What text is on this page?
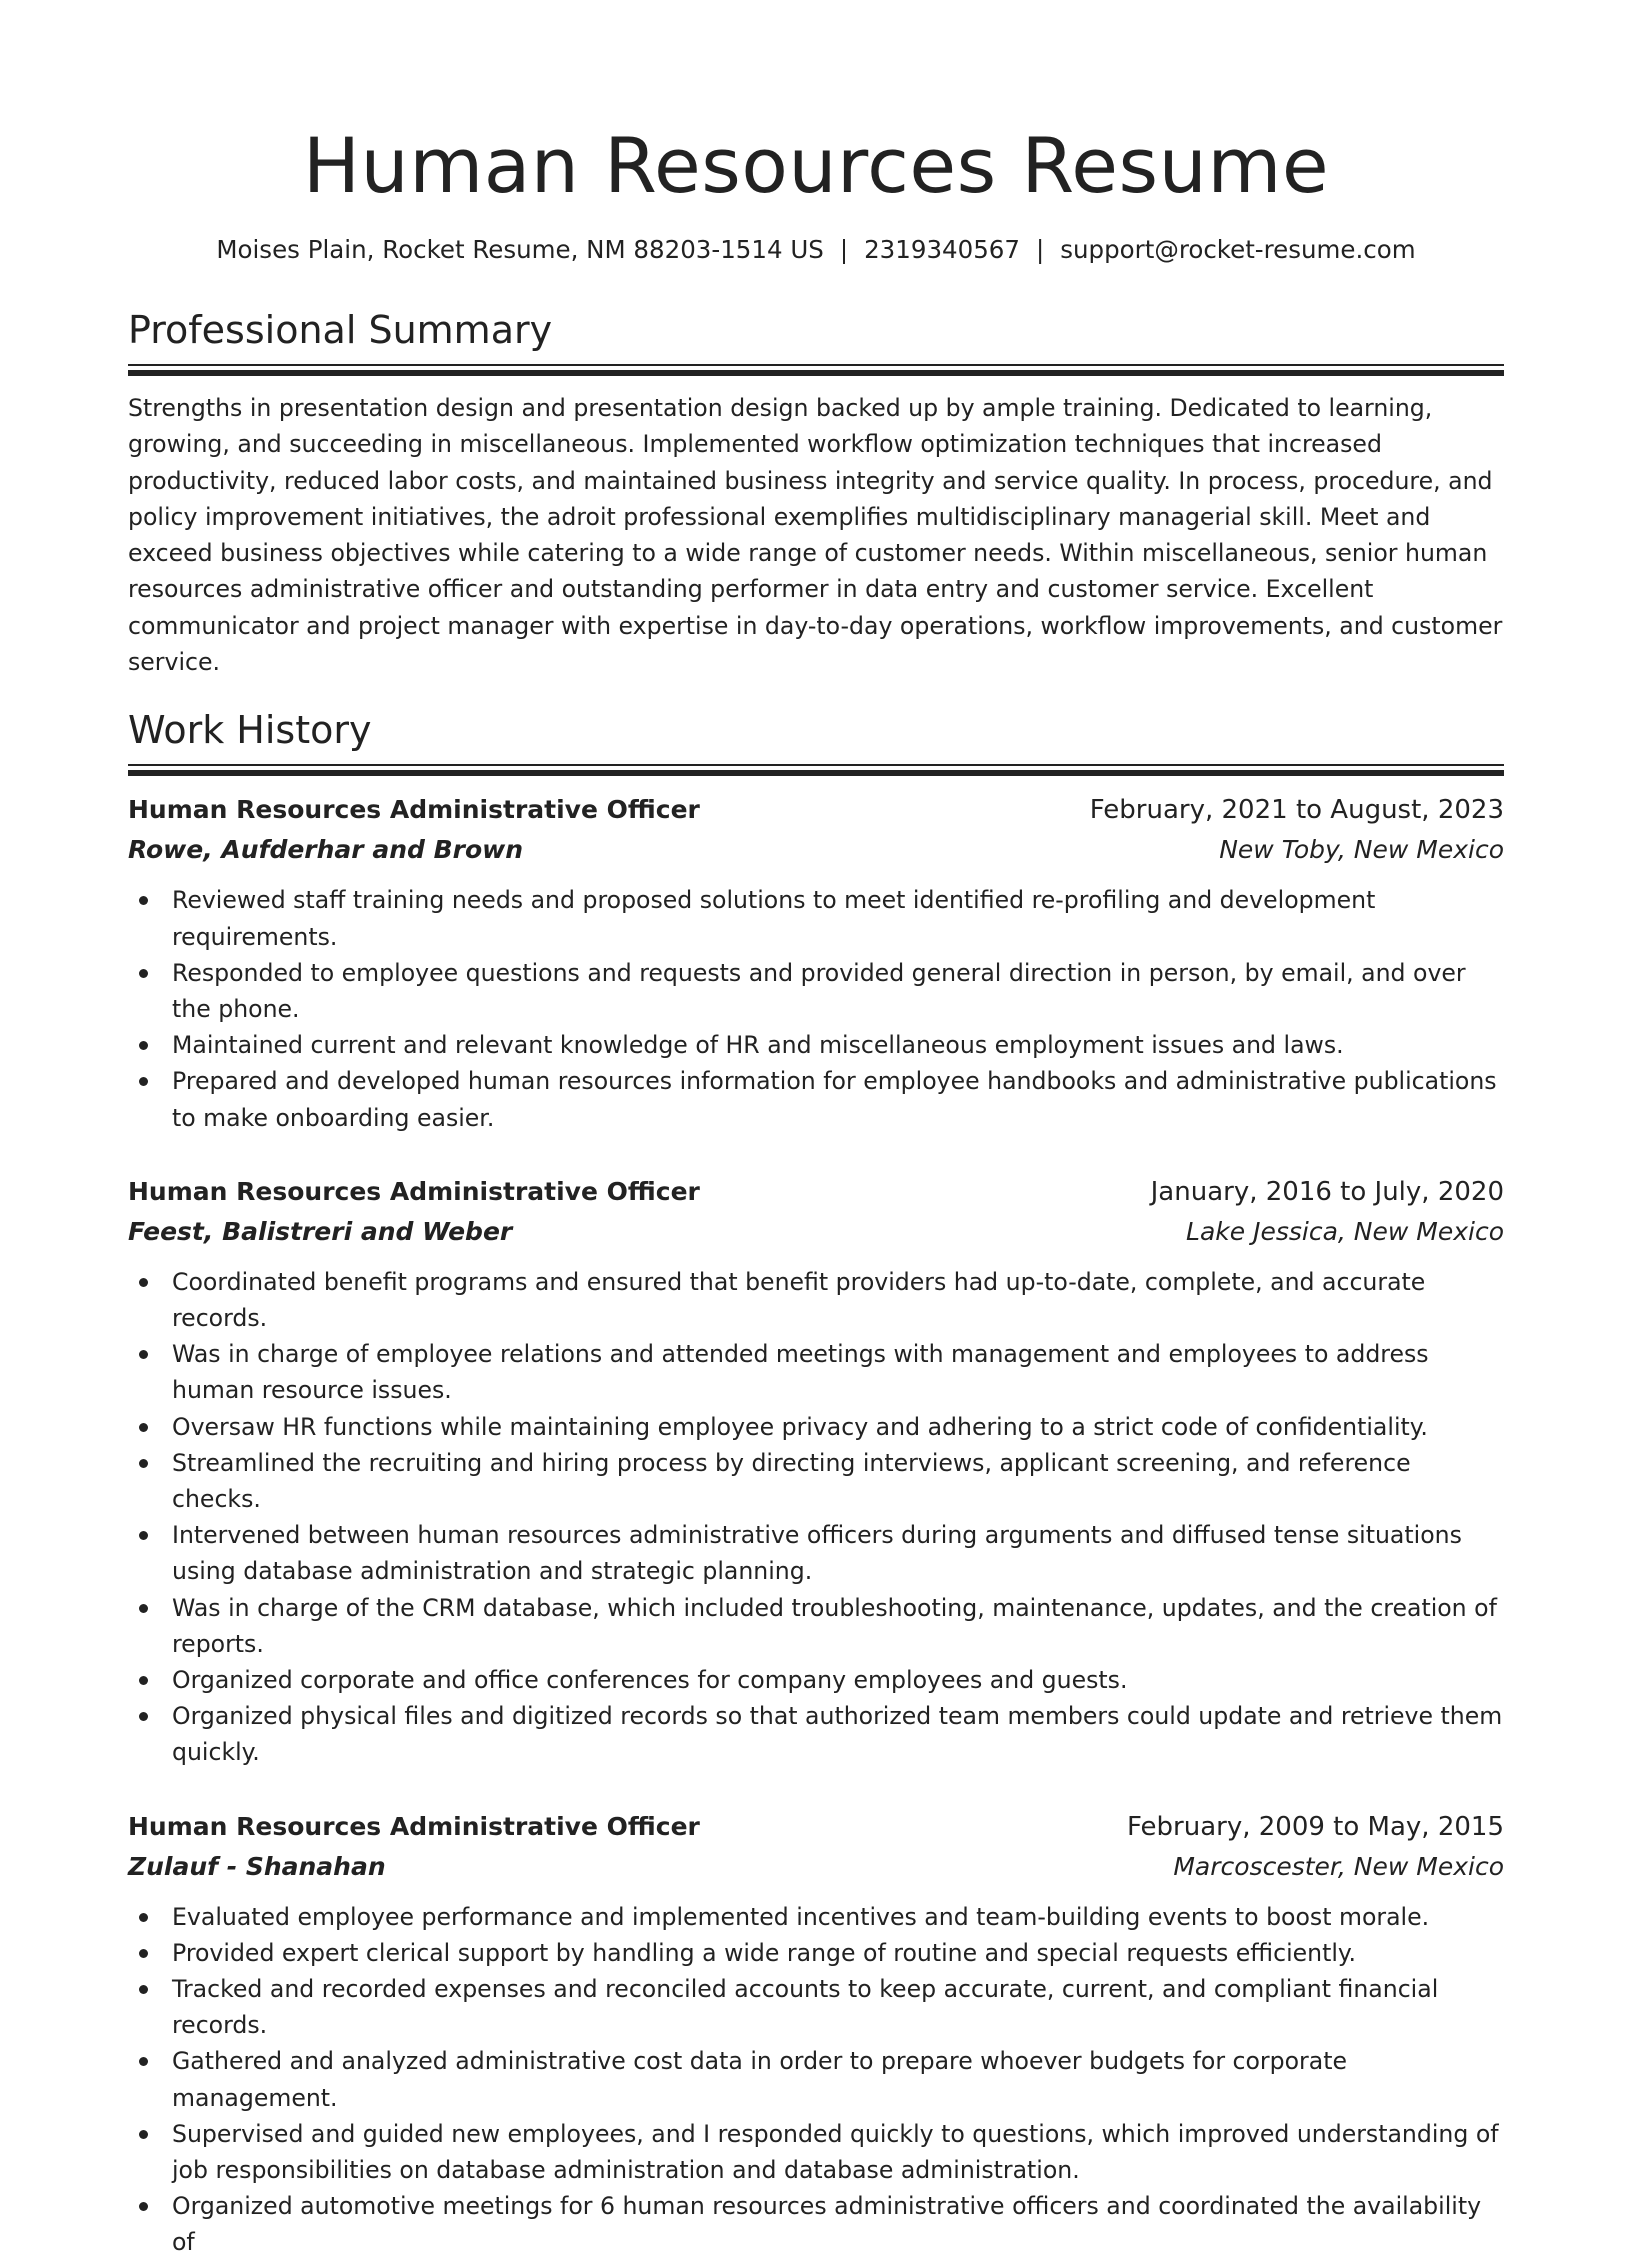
Human Resources Resume
Moises Plain, Rocket Resume, NM 88203-1514 US | 2319340567 | support@rocket-resume.com
Professional Summary

Strengths in presentation design and presentation design backed up by ample training. Dedicated to learning, growing, and succeeding in miscellaneous. Implemented workflow optimization techniques that increased productivity, reduced labor costs, and maintained business integrity and service quality. In process, procedure, and policy improvement initiatives, the adroit professional exemplifies multidisciplinary managerial skill. Meet and exceed business objectives while catering to a wide range of customer needs. Within miscellaneous, senior human resources administrative officer and outstanding performer in data entry and customer service. Excellent communicator and project manager with expertise in day-to-day operations, workflow improvements, and customer service.

Work History
Human Resources Administrative Officer	February, 2021 to August, 2023
Rowe, Aufderhar and Brown	New Toby, New Mexico
Reviewed staff training needs and proposed solutions to meet identified re-profiling and development requirements.
Responded to employee questions and requests and provided general direction in person, by email, and over the phone.
Maintained current and relevant knowledge of HR and miscellaneous employment issues and laws.
Prepared and developed human resources information for employee handbooks and administrative publications to make onboarding easier.
Human Resources Administrative Officer	January, 2016 to July, 2020
Feest, Balistreri and Weber	Lake Jessica, New Mexico
Coordinated benefit programs and ensured that benefit providers had up-to-date, complete, and accurate records.
Was in charge of employee relations and attended meetings with management and employees to address human resource issues.
Oversaw HR functions while maintaining employee privacy and adhering to a strict code of confidentiality.
Streamlined the recruiting and hiring process by directing interviews, applicant screening, and reference checks.
Intervened between human resources administrative officers during arguments and diffused tense situations using database administration and strategic planning.
Was in charge of the CRM database, which included troubleshooting, maintenance, updates, and the creation of reports.
Organized corporate and office conferences for company employees and guests.
Organized physical files and digitized records so that authorized team members could update and retrieve them quickly.
Human Resources Administrative Officer	February, 2009 to May, 2015
Zulauf - Shanahan	Marcoscester, New Mexico
Evaluated employee performance and implemented incentives and team-building events to boost morale.
Provided expert clerical support by handling a wide range of routine and special requests efficiently.
Tracked and recorded expenses and reconciled accounts to keep accurate, current, and compliant financial records.
Gathered and analyzed administrative cost data in order to prepare whoever budgets for corporate management.
Supervised and guided new employees, and I responded quickly to questions, which improved understanding of job responsibilities on database administration and database administration.
Organized automotive meetings for 6 human resources administrative officers and coordinated the availability of
